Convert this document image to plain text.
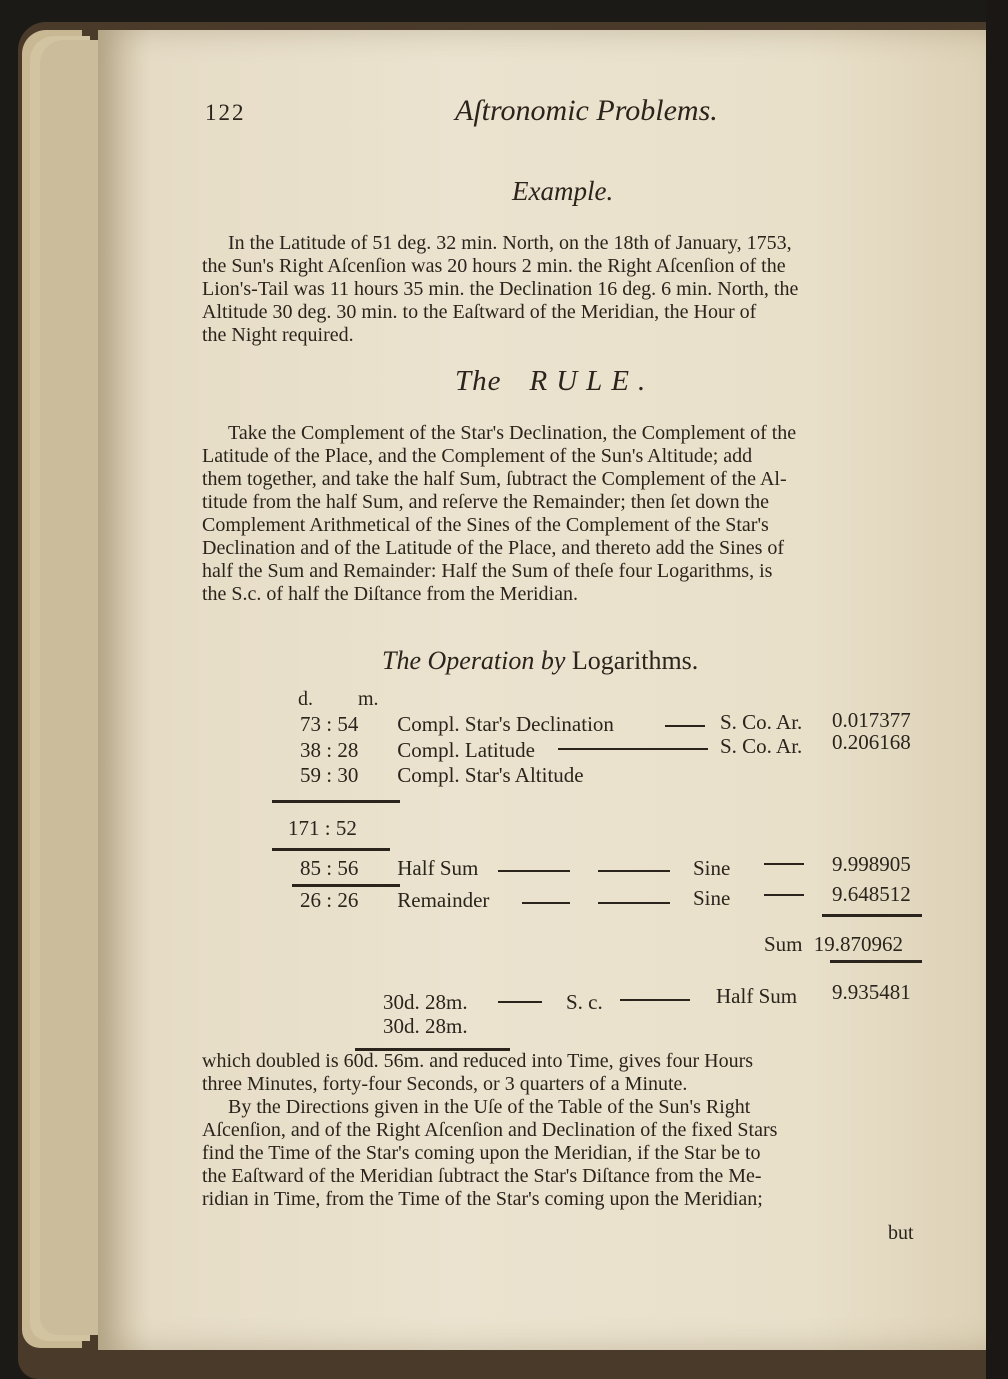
122	Aſtronomic Problems.
Example.
In the Latitude of 51 deg. 32 min. North, on the 18th of January, 1753,
the Sun's Right Aſcenſion was 20 hours 2 min. the Right Aſcenſion of the
Lion's-Tail was 11 hours 35 min. the Declination 16 deg. 6 min. North, the
Altitude 30 deg. 30 min. to the Eaſtward of the Meridian, the Hour of
the Night required.
The RULE.
Take the Complement of the Star's Declination, the Complement of the
Latitude of the Place, and the Complement of the Sun's Altitude; add
them together, and take the half Sum, ſubtract the Complement of the Al-
titude from the half Sum, and reſerve the Remainder; then ſet down the
Complement Arithmetical of the Sines of the Complement of the Star's
Declination and of the Latitude of the Place, and thereto add the Sines of
half the Sum and Remainder: Half the Sum of theſe four Logarithms, is
the S.c. of half the Diſtance from the Meridian.
The Operation by Logarithms.
d. m.
73 : 54 Compl. Star's Declination	S. Co. Ar. 0.017377
38 : 28 Compl. Latitude	S. Co. Ar. 0.206168
59 : 30 Compl. Star's Altitude
171 : 52
85 : 56 Half Sum	Sine	9.998905
26 : 26 Remainder	Sine	9.648512
Sum 19.870962
30d. 28m.	S. c.	Half Sum 9.935481
30d. 28m.
which doubled is 60d. 56m. and reduced into Time, gives four Hours
three Minutes, forty-four Seconds, or 3 quarters of a Minute.
By the Directions given in the Uſe of the Table of the Sun's Right
Aſcenſion, and of the Right Aſcenſion and Declination of the fixed Stars
find the Time of the Star's coming upon the Meridian, if the Star be to
the Eaſtward of the Meridian ſubtract the Star's Diſtance from the Me-
ridian in Time, from the Time of the Star's coming upon the Meridian;
but
